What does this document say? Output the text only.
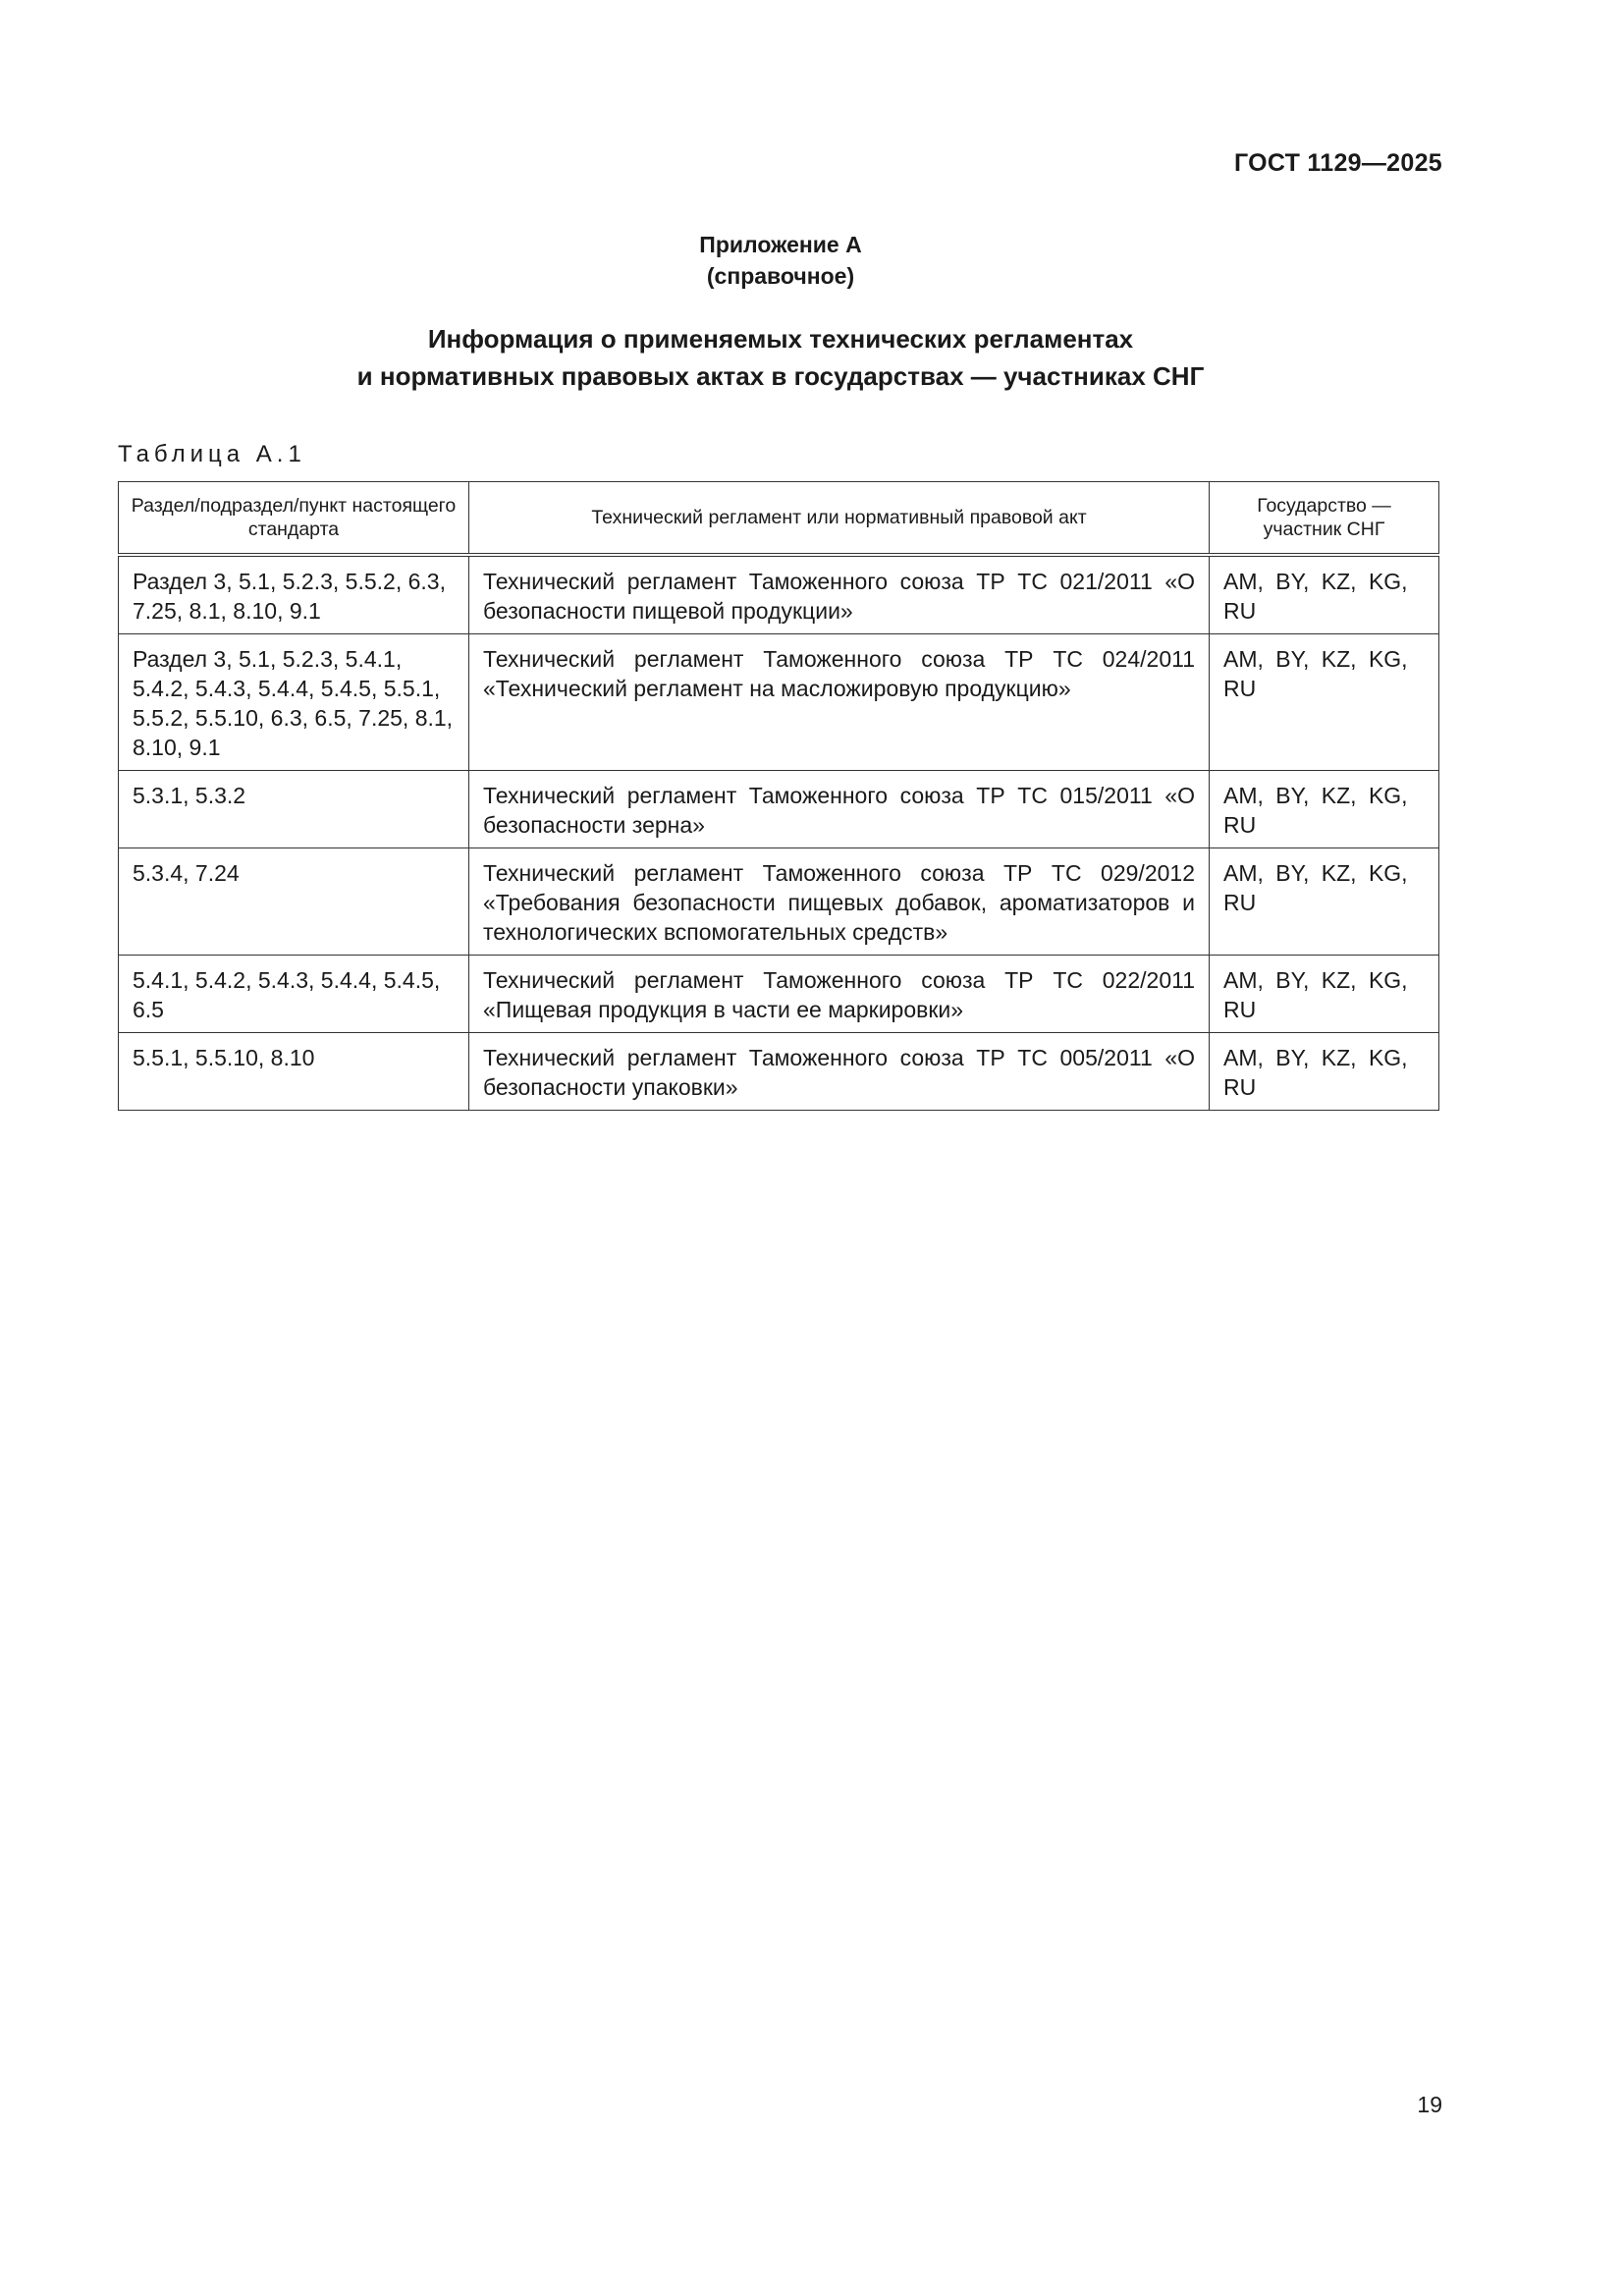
ГОСТ 1129—2025
Приложение А
(справочное)
Информация о применяемых технических регламентах
и нормативных правовых актах в государствах — участниках СНГ
Таблица А.1
Раздел/подраздел/пункт настоящего стандарта	Технический регламент или нормативный правовой акт	Государство — участник СНГ
Раздел 3, 5.1, 5.2.3, 5.5.2, 6.3, 7.25, 8.1, 8.10, 9.1	Технический регламент Таможенного союза ТР ТС 021/2011 «О безопасности пищевой продукции»	AM, BY, KZ, KG, RU
Раздел 3, 5.1, 5.2.3, 5.4.1, 5.4.2, 5.4.3, 5.4.4, 5.4.5, 5.5.1, 5.5.2, 5.5.10, 6.3, 6.5, 7.25, 8.1, 8.10, 9.1	Технический регламент Таможенного союза ТР ТС 024/2011 «Технический регламент на масложировую продукцию»	AM, BY, KZ, KG, RU
5.3.1, 5.3.2	Технический регламент Таможенного союза ТР ТС 015/2011 «О безопасности зерна»	AM, BY, KZ, KG, RU
5.3.4, 7.24	Технический регламент Таможенного союза ТР ТС 029/2012 «Требования безопасности пищевых добавок, ароматизаторов и технологических вспомогательных средств»	AM, BY, KZ, KG, RU
5.4.1, 5.4.2, 5.4.3, 5.4.4, 5.4.5, 6.5	Технический регламент Таможенного союза ТР ТС 022/2011 «Пищевая продукция в части ее маркировки»	AM, BY, KZ, KG, RU
5.5.1, 5.5.10, 8.10	Технический регламент Таможенного союза ТР ТС 005/2011 «О безопасности упаковки»	AM, BY, KZ, KG, RU
19
